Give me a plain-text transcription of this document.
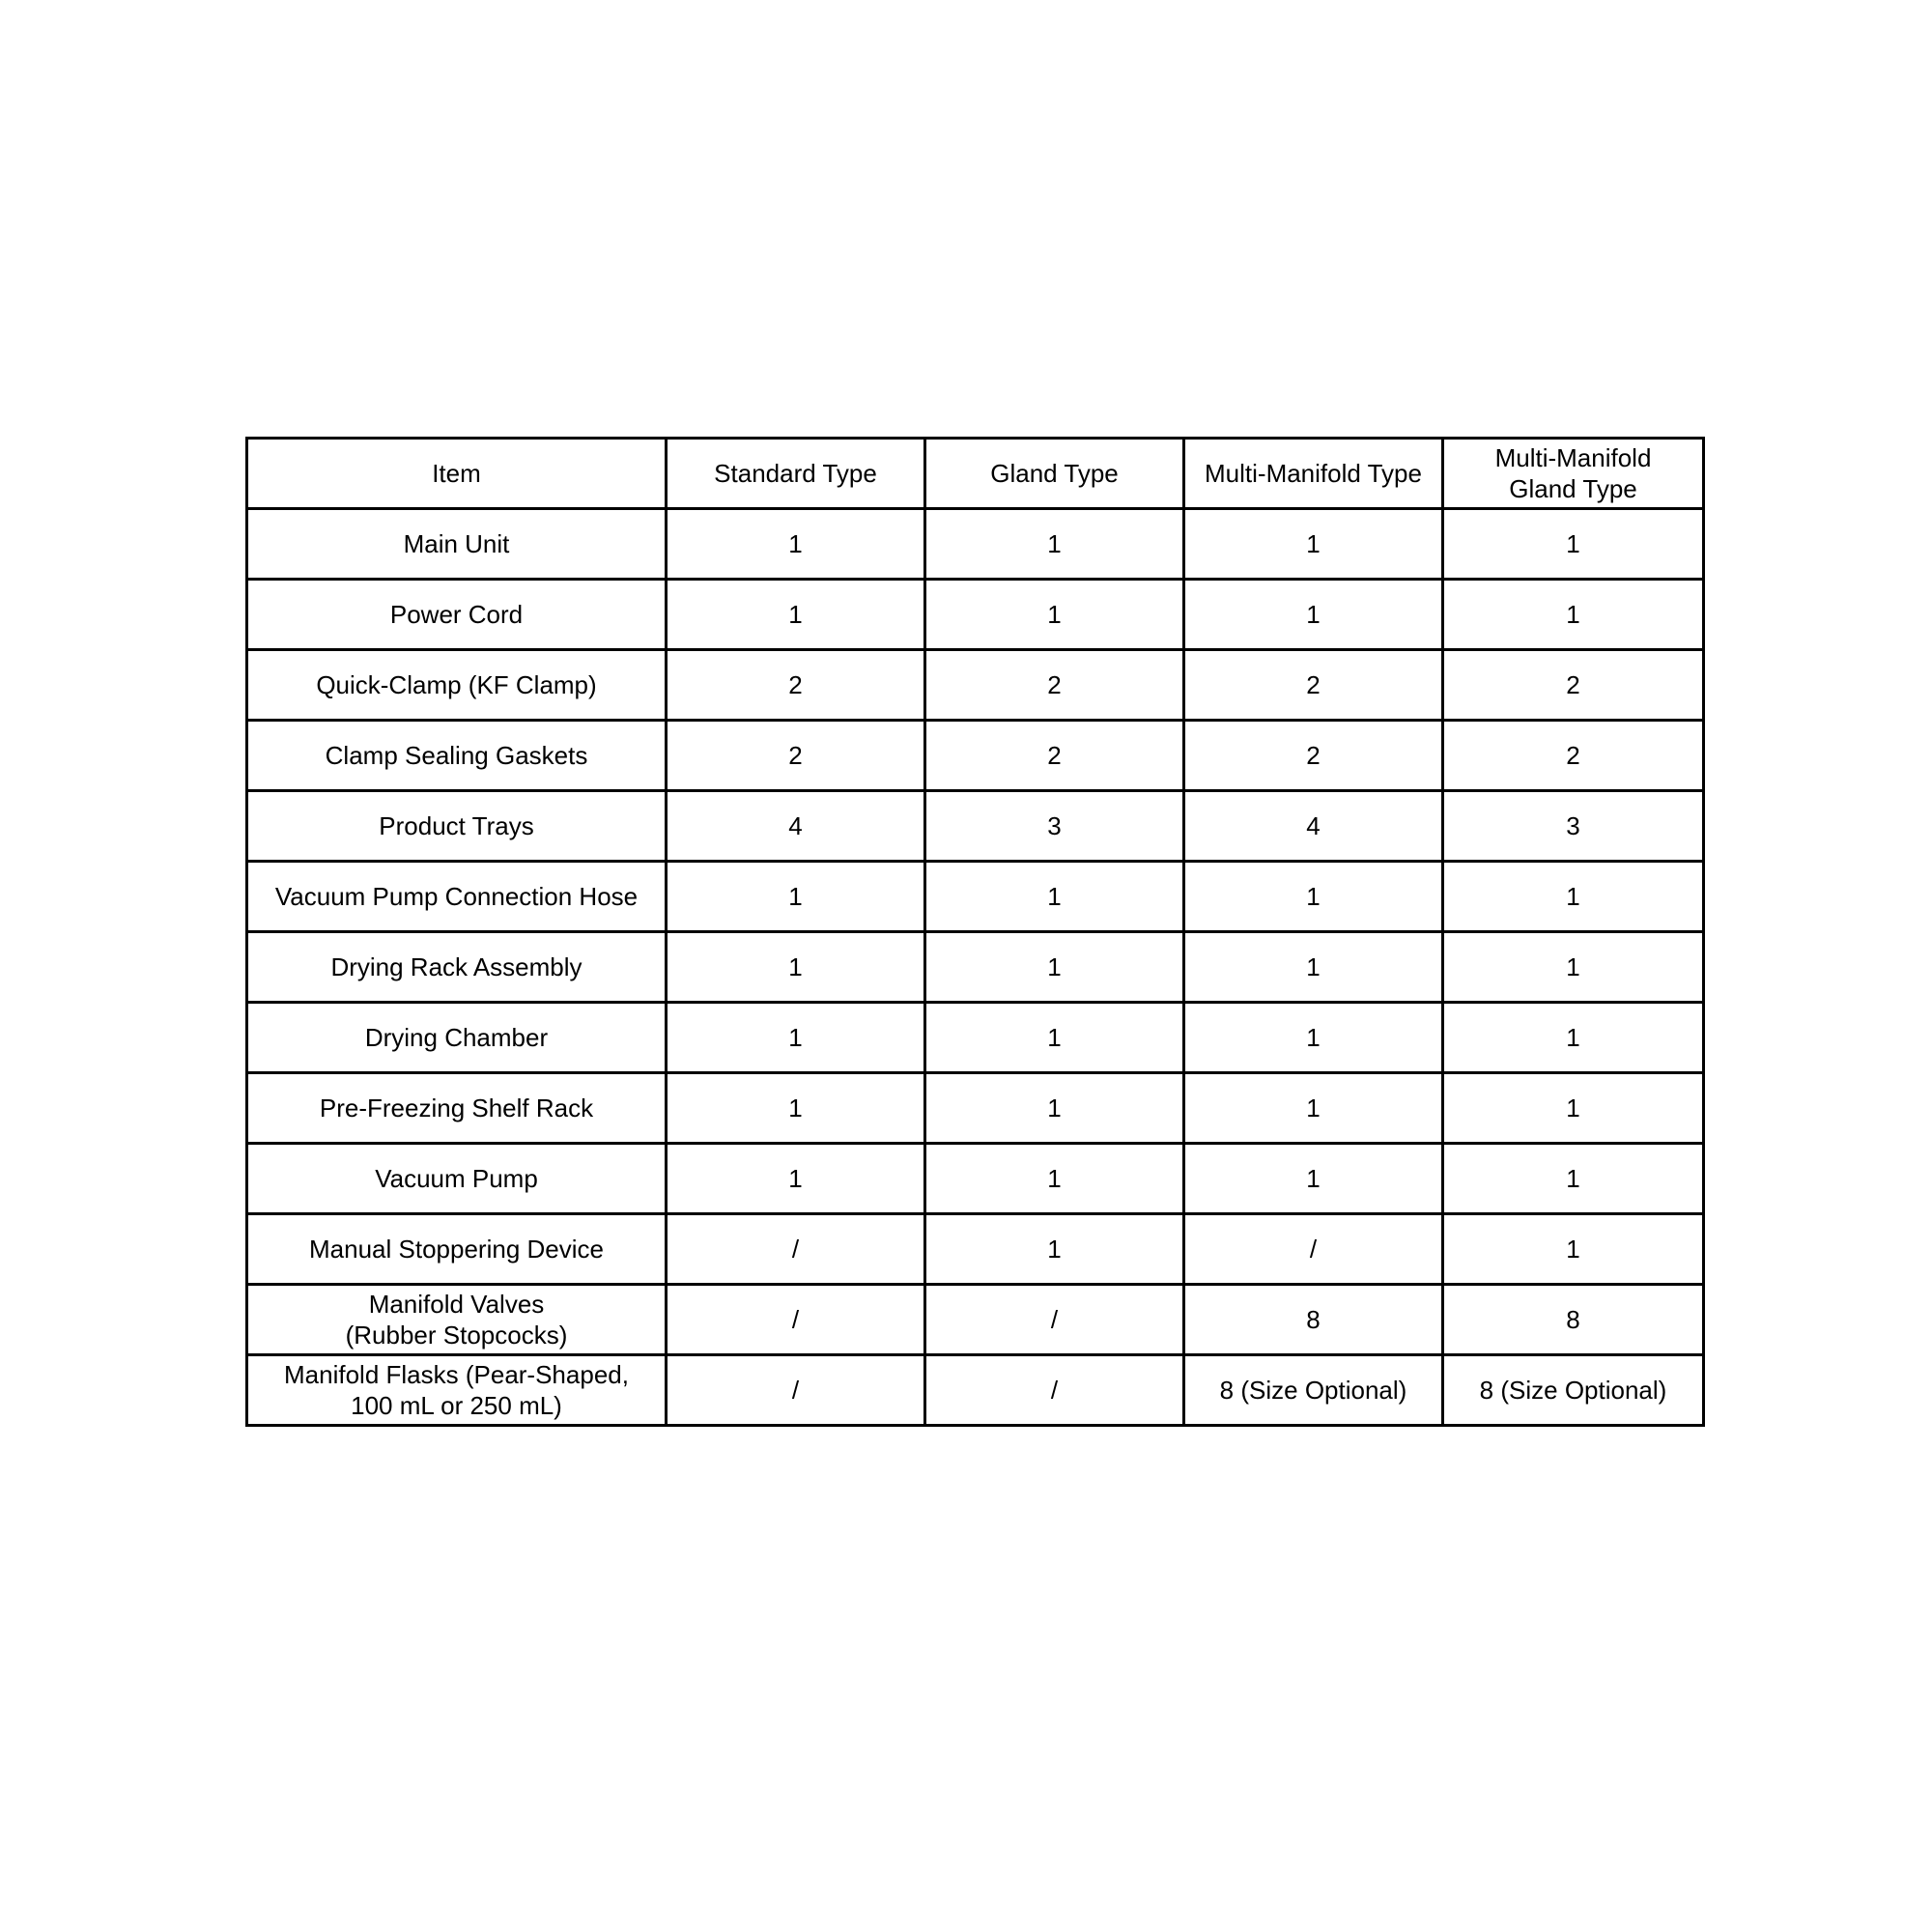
Item	Standard Type	Gland Type	Multi-Manifold Type	Multi-Manifold
Gland Type
Main Unit	1	1	1	1
Power Cord	1	1	1	1
Quick-Clamp (KF Clamp)	2	2	2	2
Clamp Sealing Gaskets	2	2	2	2
Product Trays	4	3	4	3
Vacuum Pump Connection Hose	1	1	1	1
Drying Rack Assembly	1	1	1	1
Drying Chamber	1	1	1	1
Pre-Freezing Shelf Rack	1	1	1	1
Vacuum Pump	1	1	1	1
Manual Stoppering Device	/	1	/	1
Manifold Valves
(Rubber Stopcocks)	/	/	8	8
Manifold Flasks (Pear-Shaped,
100 mL or 250 mL)	/	/	8 (Size Optional)	8 (Size Optional)
